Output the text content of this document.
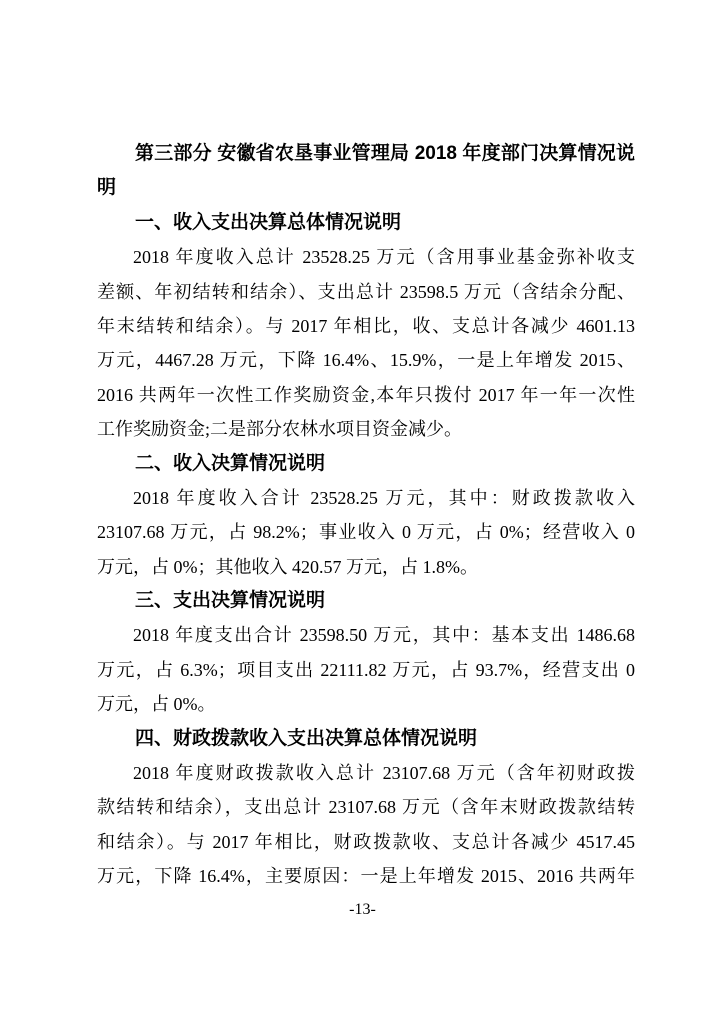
第三部分 安徽省农垦事业管理局 2018 年度部门决算情况说
明
一、收入支出决算总体情况说明
2018 年度收入总计 23528.25 万元（含用事业基金弥补收支
差额、年初结转和结余）、支出总计 23598.5 万元（含结余分配、
年末结转和结余）。与 2017 年相比，收、支总计各减少 4601.13
万元，4467.28 万元，下降 16.4%、15.9%，一是上年增发 2015、
2016 共两年一次性工作奖励资金,本年只拨付 2017 年一年一次性
工作奖励资金;二是部分农林水项目资金减少。
二、收入决算情况说明
2018 年度收入合计 23528.25 万元，其中：财政拨款收入
23107.68 万元，占 98.2%；事业收入 0 万元，占 0%；经营收入 0
万元，占 0%；其他收入 420.57 万元，占 1.8%。
三、支出决算情况说明
2018 年度支出合计 23598.50 万元，其中：基本支出 1486.68
万元，占 6.3%；项目支出 22111.82 万元，占 93.7%，经营支出 0
万元，占 0%。
四、财政拨款收入支出决算总体情况说明
2018 年度财政拨款收入总计 23107.68 万元（含年初财政拨
款结转和结余），支出总计 23107.68 万元（含年末财政拨款结转
和结余）。与 2017 年相比，财政拨款收、支总计各减少 4517.45
万元，下降 16.4%，主要原因：一是上年增发 2015、2016 共两年
-13-
